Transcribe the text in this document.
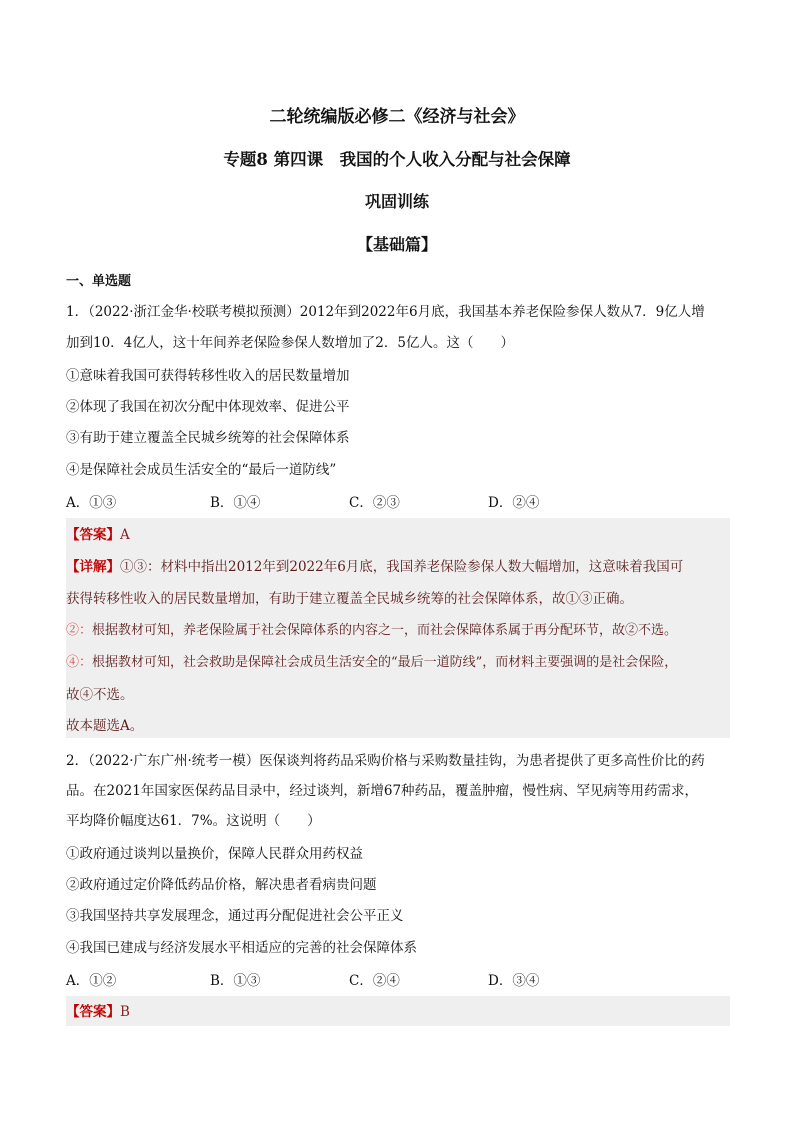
二轮统编版必修二《经济与社会》
专题8 第四课　我国的个人收入分配与社会保障
巩固训练
【基础篇】
一、单选题
1．（2022·浙江金华·校联考模拟预测）2012年到2022年6月底，我国基本养老保险参保人数从7．9亿人增
加到10．4亿人，这十年间养老保险参保人数增加了2．5亿人。这（　　）
①意味着我国可获得转移性收入的居民数量增加
②体现了我国在初次分配中体现效率、促进公平
③有助于建立覆盖全民城乡统筹的社会保障体系
④是保障社会成员生活安全的“最后一道防线”
A．①③	B．①④	C．②③	D．②④
【答案】A
【详解】①③：材料中指出2012年到2022年6月底，我国养老保险参保人数大幅增加，这意味着我国可
获得转移性收入的居民数量增加，有助于建立覆盖全民城乡统筹的社会保障体系，故①③正确。
②：根据教材可知，养老保险属于社会保障体系的内容之一，而社会保障体系属于再分配环节，故②不选。
④：根据教材可知，社会救助是保障社会成员生活安全的“最后一道防线”，而材料主要强调的是社会保险，
故④不选。
故本题选A。
2．（2022·广东广州·统考一模）医保谈判将药品采购价格与采购数量挂钩，为患者提供了更多高性价比的药
品。在2021年国家医保药品目录中，经过谈判，新增67种药品，覆盖肿瘤，慢性病、罕见病等用药需求，
平均降价幅度达61．7%。这说明（　　）
①政府通过谈判以量换价，保障人民群众用药权益
②政府通过定价降低药品价格，解决患者看病贵问题
③我国坚持共享发展理念，通过再分配促进社会公平正义
④我国已建成与经济发展水平相适应的完善的社会保障体系
A．①②	B．①③	C．②④	D．③④
【答案】B
